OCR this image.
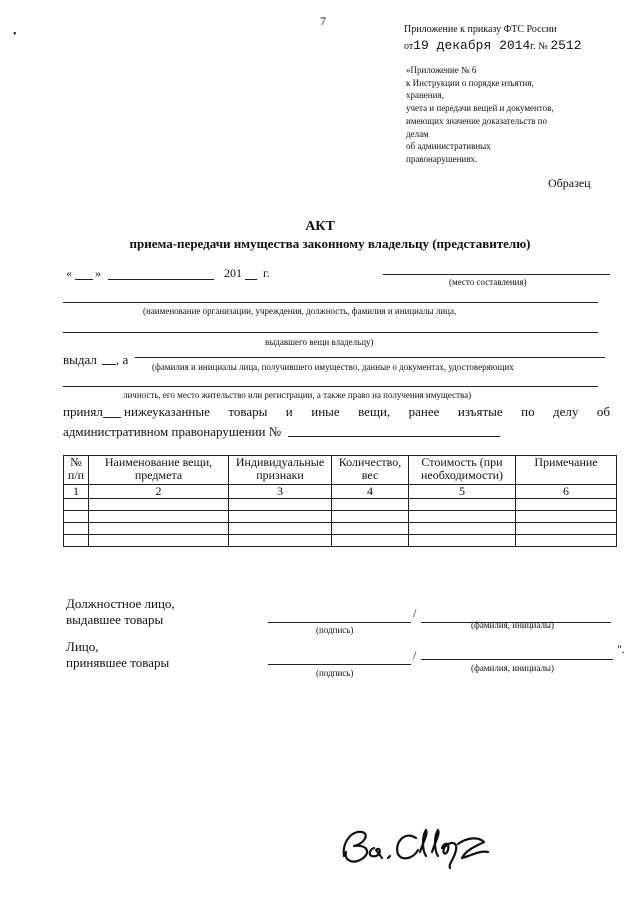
7
•	Приложение к приказу ФТС России
от19 декабря 2014г. № 2512
«Приложение № 6
к Инструкции о порядке изъятия,
хранения,
учета и передачи вещей и документов,
имеющих значение доказательств по
делам
об административных
правонарушениях.
Образец
АКТ
приема-передачи имущества законному владельцу (представителю)
« »	201 г.
(место составления)
(наименование организации, учреждения, должность, фамилия и инициалы лица,
выдавшего вещи владельцу)
выдал , а	(фамилия и инициалы лица, получившего имущество, данные о документах, удостоверяющих
личность, его место жительство или регистрации, а также право на получения имущества)
принял нижеуказанные товары и иные вещи, ранее изъятые по делу об
административном правонарушении №
№ п/п	Наименование вещи, предмета	Индивидуальные признаки	Количество, вес	Стоимость (при необходимости)	Примечание
1	2	3	4	5	6

Должностное лицо,
выдавшее товары	/
(подпись)	(фамилия, инициалы)
Лицо,
принявшее товары	/	".
(подпись)	(фамилия, инициалы)
